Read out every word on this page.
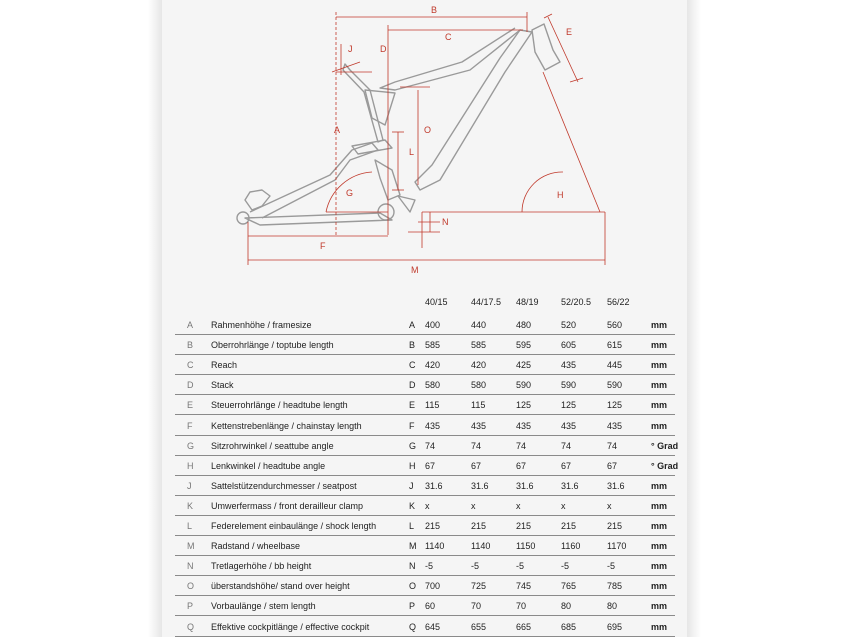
B
C
D
E
J
A	O
L
G	H
N
F
M
40/15	44/17.5 48/19 52/20.5 56/22
A Rahmenhöhe / framesize	A 400	440	480	520	560	mm
B Oberrohrlänge / toptube length	B 585	585	595	605	615	mm
C Reach	C 420	420	425	435	445	mm
D Stack	D 580	580	590	590	590	mm
E Steuerrohrlänge / headtube length	E 115	115	125	125	125	mm
F Kettenstrebenlänge / chainstay length	F 435	435	435	435	435	mm
G Sitzrohrwinkel / seattube angle	G 74	74	74	74	74	° Grad
H Lenkwinkel / headtube angle	H 67	67	67	67	67	° Grad
J Sattelstützendurchmesser / seatpost	J 31.6	31.6	31.6	31.6	31.6	mm
K Umwerfermass / front derailleur clamp	K x	x	x	x	x	mm
L Federelement einbaulänge / shock length	L 215	215	215	215	215	mm
M Radstand / wheelbase	M 1140	1140	1150	1160	1170	mm
N Tretlagerhöhe / bb height	N -5	-5	-5	-5	-5	mm
O überstandshöhe/ stand over height	O 700	725	745	765	785	mm
P Vorbaulänge / stem length	P 60	70	70	80	80	mm
Q Effektive cockpitlänge / effective cockpit	Q 645	655	665	685	695	mm
